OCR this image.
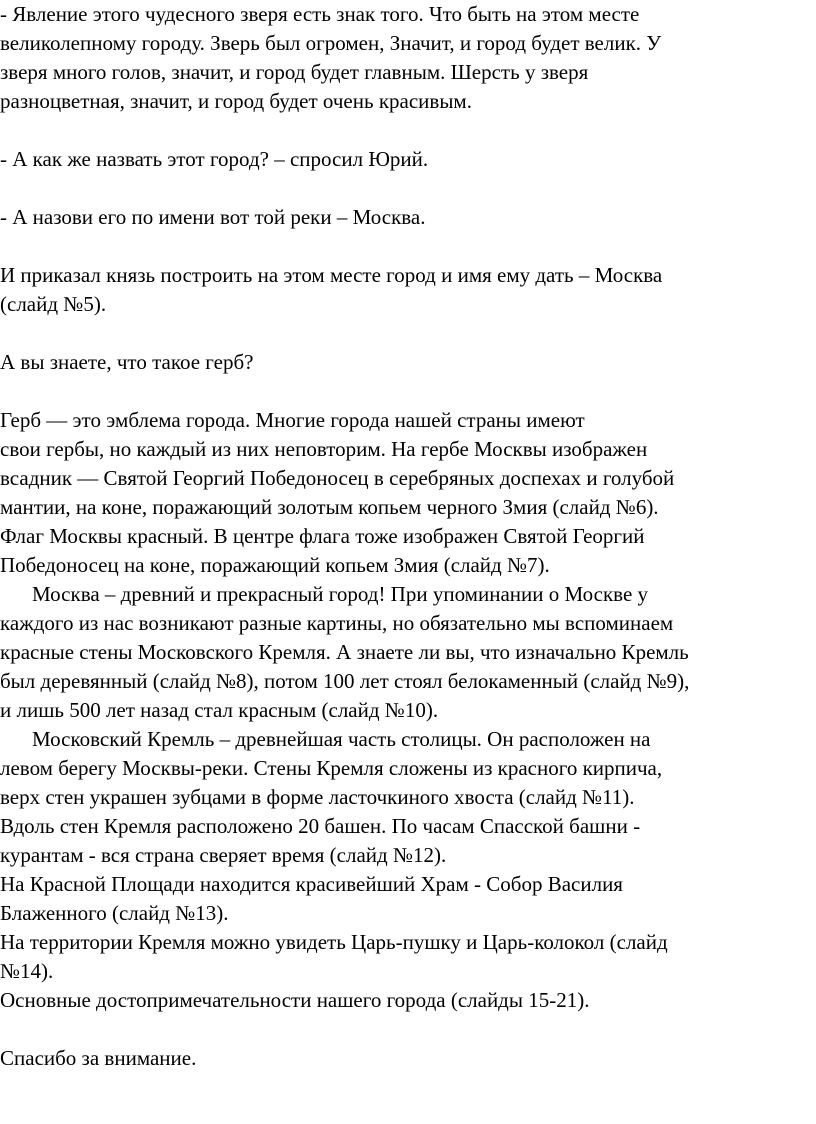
- Явление этого чудесного зверя есть знак того. Что быть на этом месте
великолепному городу. Зверь был огромен, Значит, и город будет велик. У
зверя много голов, значит, и город будет главным. Шерсть у зверя
разноцветная, значит, и город будет очень красивым.
- А как же назвать этот город? – спросил Юрий.
- А назови его по имени вот той реки – Москва.
И приказал князь построить на этом месте город и имя ему дать – Москва
(слайд №5).
А вы знаете, что такое герб?
Герб — это эмблема города. Многие города нашей страны имеют
свои гербы, но каждый из них неповторим. На гербе Москвы изображен
всадник — Святой Георгий Победоносец в серебряных доспехах и голубой
мантии, на коне, поражающий золотым копьем черного Змия (слайд №6).
Флаг Москвы красный. В центре флага тоже изображен Святой Георгий
Победоносец на коне, поражающий копьем Змия (слайд №7).
Москва – древний и прекрасный город! При упоминании о Москве у
каждого из нас возникают разные картины, но обязательно мы вспоминаем
красные стены Московского Кремля. А знаете ли вы, что изначально Кремль
был деревянный (слайд №8), потом 100 лет стоял белокаменный (слайд №9),
и лишь 500 лет назад стал красным (слайд №10).
Московский Кремль – древнейшая часть столицы. Он расположен на
левом берегу Москвы-реки. Стены Кремля сложены из красного кирпича,
верх стен украшен зубцами в форме ласточкиного хвоста (слайд №11).
Вдоль стен Кремля расположено 20 башен. По часам Спасской башни -
курантам - вся страна сверяет время (слайд №12).
На Красной Площади находится красивейший Храм - Собор Василия
Блаженного (слайд №13).
На территории Кремля можно увидеть Царь-пушку и Царь-колокол (слайд
№14).
Основные достопримечательности нашего города (слайды 15-21).
Спасибо за внимание.
